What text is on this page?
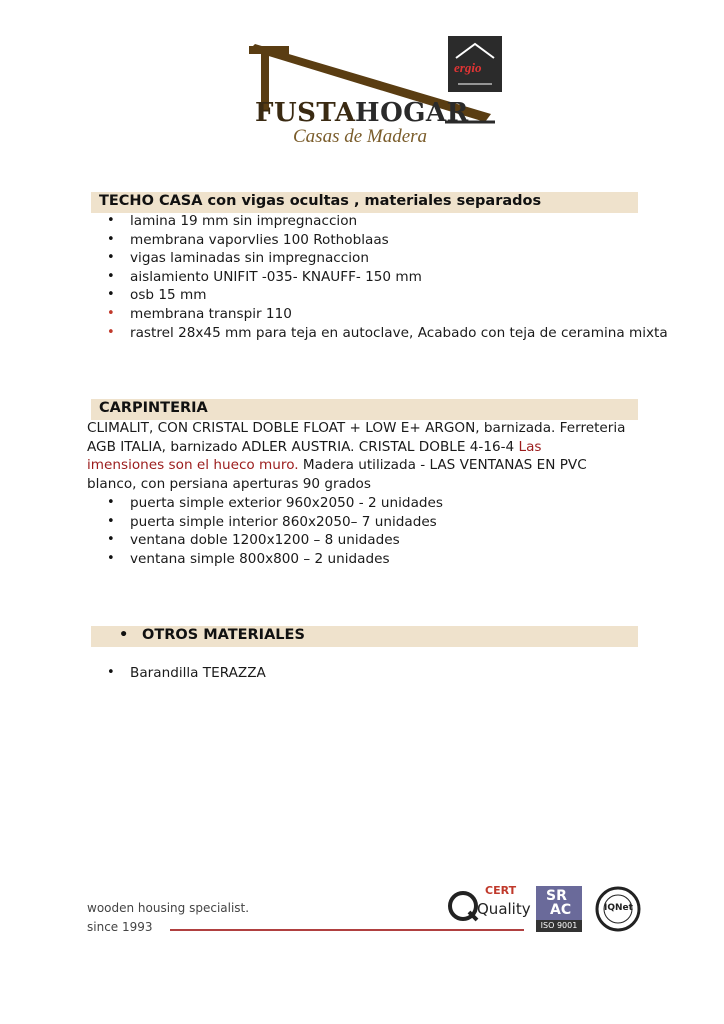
FUSTA HOGAR
Casas de Madera
ergio
TECHO CASA con vigas ocultas , materiales separados
•	lamina 19 mm sin impregnaccion
•	membrana vaporvlies 100 Rothoblaas
•	vigas laminadas sin impregnaccion
•	aislamiento UNIFIT -035- KNAUFF- 150 mm
•	osb 15 mm
•	membrana transpir 110
•	rastrel 28x45 mm para teja en autoclave, Acabado con teja de ceramina mixta
CARPINTERIA
CLIMALIT, CON CRISTAL DOBLE FLOAT + LOW E+ ARGON, barnizada. Ferreteria
AGB ITALIA, barnizado ADLER AUSTRIA. CRISTAL DOBLE 4-16-4 Las
imensiones son el hueco muro. Madera utilizada - LAS VENTANAS EN PVC
blanco, con persiana aperturas 90 grados
•	puerta simple exterior 960x2050 - 2 unidades
•	puerta simple interior 860x2050– 7 unidades
•	ventana doble 1200x1200 – 8 unidades
•	ventana simple 800x800 – 2 unidades
• OTROS MATERIALES
•	Barandilla TERAZZA
wooden housing specialist.
since 1993
CERT
Quality
SR
AC
ISO 9001
IQNet
